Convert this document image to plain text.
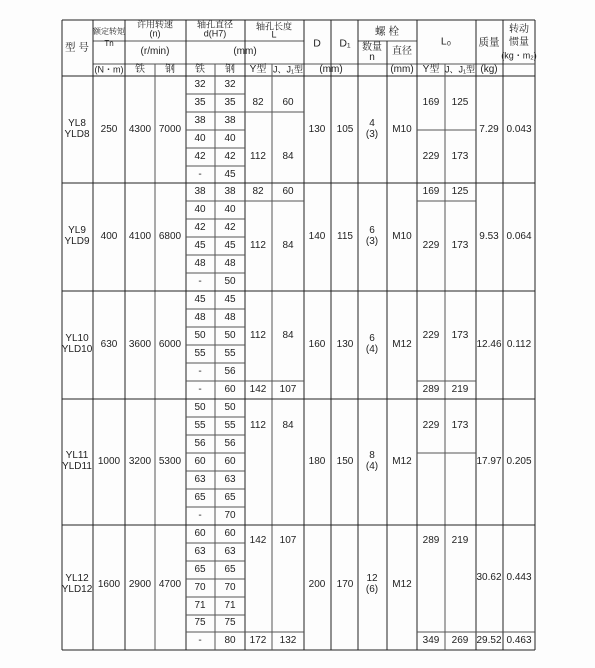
型 号
额定转矩
Tn
许用转速
(n)
(r/min)
轴孔直径
d(H7)
轴孔长度
L
(mm)
D D₁
螺 栓
数量
n
直径
L₀	质量
转动
惯量
(kg・m₂)
(N・m) 铁 钢 铁 钢 Y型 J、J₁型 (mm)	(mm) Y型 J、J₁型 (kg)
YL8
YLD8 250 4300 7000
32 32
35 35
38 38
40 40
42 42
- 45
82 60
112 84
130 105
4
(3) M10
169 125
229 173
7.29 0.043
YL9
YLD9 400 4100 6800
38 38
40 40
42 42
45 45
48 48
- 50
82 60
112 84
140 115
6
(3) M10
169 125
229 173
9.53 0.064
YL10
YLD10 630 3600 6000
45 45
48 48
50 50
55 55
- 56
- 60
112 84
142 107
160 130
6
(4) M12
229 173
289 219
12.46 0.112
YL11
YLD11 1000 3200 5300
50 50
55 55
56 56
60 60
63 63
65 65
- 70
112 84
180 150
8
(4) M12
229 173
17.97 0.205
YL12
YLD12 1600 2900 4700
60 60
63 63
65 65
70 70
71 71
75 75
- 80
142 107
172 132
200 170
12
(6) M12
289 219
349 269
30.62 0.443
29.52 0.463
